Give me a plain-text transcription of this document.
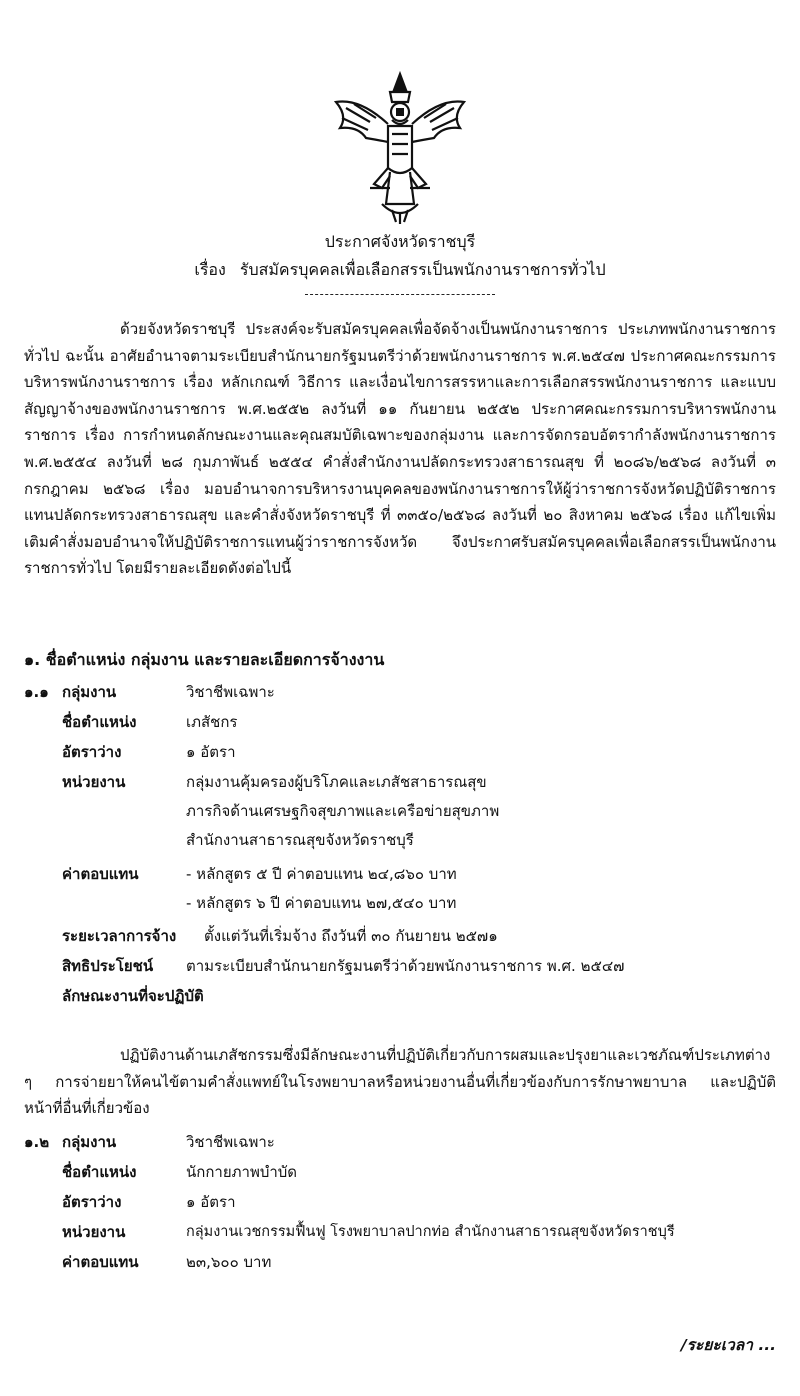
ประกาศจังหวัดราชบุรี
เรื่อง รับสมัครบุคคลเพื่อเลือกสรรเป็นพนักงานราชการทั่วไป
ด้วยจังหวัดราชบุรี ประสงค์จะรับสมัครบุคคลเพื่อจัดจ้างเป็นพนักงานราชการ ประเภทพนักงานราชการทั่วไป ฉะนั้น อาศัยอำนาจตามระเบียบสำนักนายกรัฐมนตรีว่าด้วยพนักงานราชการ พ.ศ.๒๕๔๗ ประกาศคณะกรรมการบริหารพนักงานราชการ เรื่อง หลักเกณฑ์ วิธีการ และเงื่อนไขการสรรหาและการเลือกสรรพนักงานราชการ และแบบสัญญาจ้างของพนักงานราชการ พ.ศ.๒๕๕๒ ลงวันที่ ๑๑ กันยายน ๒๕๕๒ ประกาศคณะกรรมการบริหารพนักงานราชการ เรื่อง การกำหนดลักษณะงานและคุณสมบัติเฉพาะของกลุ่มงาน และการจัดกรอบอัตรากำลังพนักงานราชการ พ.ศ.๒๕๕๔ ลงวันที่ ๒๘ กุมภาพันธ์ ๒๕๕๔ คำสั่งสำนักงานปลัดกระทรวงสาธารณสุข ที่ ๒๐๘๖/๒๕๖๘ ลงวันที่ ๓ กรกฎาคม ๒๕๖๘ เรื่อง มอบอำนาจการบริหารงานบุคคลของพนักงานราชการให้ผู้ว่าราชการจังหวัดปฏิบัติราชการแทนปลัดกระทรวงสาธารณสุข และคำสั่งจังหวัดราชบุรี ที่ ๓๓๕๐/๒๕๖๘ ลงวันที่ ๒๐ สิงหาคม ๒๕๖๘ เรื่อง แก้ไขเพิ่มเติมคำสั่งมอบอำนาจให้ปฏิบัติราชการแทนผู้ว่าราชการจังหวัด จึงประกาศรับสมัครบุคคลเพื่อเลือกสรรเป็นพนักงานราชการทั่วไป โดยมีรายละเอียดดังต่อไปนี้
๑. ชื่อตำแหน่ง กลุ่มงาน และรายละเอียดการจ้างงาน
๑.๑ กลุ่มงาน	วิชาชีพเฉพาะ
ชื่อตำแหน่ง	เภสัชกร
อัตราว่าง	๑ อัตรา
หน่วยงาน	กลุ่มงานคุ้มครองผู้บริโภคและเภสัชสาธารณสุข
ภารกิจด้านเศรษฐกิจสุขภาพและเครือข่ายสุขภาพ
สำนักงานสาธารณสุขจังหวัดราชบุรี
ค่าตอบแทน	- หลักสูตร ๕ ปี ค่าตอบแทน ๒๔,๘๖๐ บาท
- หลักสูตร ๖ ปี ค่าตอบแทน ๒๗,๕๔๐ บาท
ระยะเวลาการจ้าง ตั้งแต่วันที่เริ่มจ้าง ถึงวันที่ ๓๐ กันยายน ๒๕๗๑
สิทธิประโยชน์ ตามระเบียบสำนักนายกรัฐมนตรีว่าด้วยพนักงานราชการ พ.ศ. ๒๕๔๗
ลักษณะงานที่จะปฏิบัติ
ปฏิบัติงานด้านเภสัชกรรมซึ่งมีลักษณะงานที่ปฏิบัติเกี่ยวกับการผสมและปรุงยาและเวชภัณฑ์ประเภทต่าง ๆ การจ่ายยาให้คนไข้ตามคำสั่งแพทย์ในโรงพยาบาลหรือหน่วยงานอื่นที่เกี่ยวข้องกับการรักษาพยาบาล และปฏิบัติหน้าที่อื่นที่เกี่ยวข้อง
๑.๒ กลุ่มงาน	วิชาชีพเฉพาะ
ชื่อตำแหน่ง	นักกายภาพบำบัด
อัตราว่าง	๑ อัตรา
หน่วยงาน	กลุ่มงานเวชกรรมฟื้นฟู โรงพยาบาลปากท่อ สำนักงานสาธารณสุขจังหวัดราชบุรี
ค่าตอบแทน	๒๓,๖๐๐ บาท
/ระยะเวลา ...
